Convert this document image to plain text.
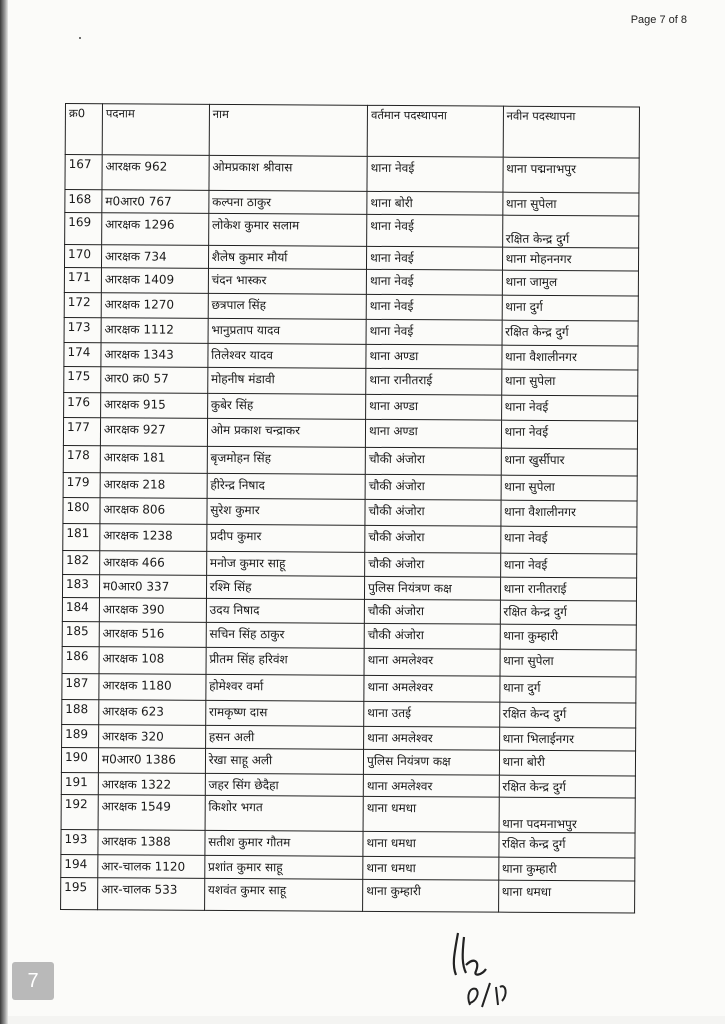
Page 7 of 8
क्र0	पदनाम	नाम	वर्तमान पदस्थापना	नवीन पदस्थापना
167	आरक्षक 962	ओमप्रकाश श्रीवास	थाना नेवई	थाना पद्मनाभपुर
168	म0आर0 767	कल्पना ठाकुर	थाना बोरी	थाना सुपेला
169	आरक्षक 1296	लोकेश कुमार सलाम	थाना नेवई	रक्षित केन्द्र दुर्ग
170	आरक्षक 734	शैलेष कुमार मौर्या	थाना नेवई	थाना मोहननगर
171	आरक्षक 1409	चंदन भास्कर	थाना नेवई	थाना जामुल
172	आरक्षक 1270	छत्रपाल सिंह	थाना नेवई	थाना दुर्ग
173	आरक्षक 1112	भानुप्रताप यादव	थाना नेवई	रक्षित केन्द्र दुर्ग
174	आरक्षक 1343	तिलेश्वर यादव	थाना अण्डा	थाना वैशालीनगर
175	आर0 क्र0 57	मोहनीष मंडावी	थाना रानीतराई	थाना सुपेला
176	आरक्षक 915	कुबेर सिंह	थाना अण्डा	थाना नेवई
177	आरक्षक 927	ओम प्रकाश चन्द्राकर	थाना अण्डा	थाना नेवई
178	आरक्षक 181	बृजमोहन सिंह	चौकी अंजोरा	थाना खुर्सीपार
179	आरक्षक 218	हीरेन्द्र निषाद	चौकी अंजोरा	थाना सुपेला
180	आरक्षक 806	सुरेश कुमार	चौकी अंजोरा	थाना वैशालीनगर
181	आरक्षक 1238	प्रदीप कुमार	चौकी अंजोरा	थाना नेवई
182	आरक्षक 466	मनोज कुमार साहू	चौकी अंजोरा	थाना नेवई
183	म0आर0 337	रश्मि सिंह	पुलिस नियंत्रण कक्ष	थाना रानीतराई
184	आरक्षक 390	उदय निषाद	चौकी अंजोरा	रक्षित केन्द्र दुर्ग
185	आरक्षक 516	सचिन सिंह ठाकुर	चौकी अंजोरा	थाना कुम्हारी
186	आरक्षक 108	प्रीतम सिंह हरिवंश	थाना अमलेश्वर	थाना सुपेला
187	आरक्षक 1180	होमेश्वर वर्मा	थाना अमलेश्वर	थाना दुर्ग
188	आरक्षक 623	रामकृष्ण दास	थाना उतई	रक्षित केन्द दुर्ग
189	आरक्षक 320	हसन अली	थाना अमलेश्वर	थाना भिलाईनगर
190	म0आर0 1386	रेखा साहू अली	पुलिस नियंत्रण कक्ष	थाना बोरी
191	आरक्षक 1322	जहर सिंग छेदैहा	थाना अमलेश्वर	रक्षित केन्द्र दुर्ग
192	आरक्षक 1549	किशोर भगत	थाना धमधा	थाना पदमनाभपुर
193	आरक्षक 1388	सतीश कुमार गौतम	थाना धमधा	रक्षित केन्द्र दुर्ग
194	आर-चालक 1120	प्रशांत कुमार साहू	थाना धमधा	थाना कुम्हारी
195	आर-चालक 533	यशवंत कुमार साहू	थाना कुम्हारी	थाना धमधा
7
